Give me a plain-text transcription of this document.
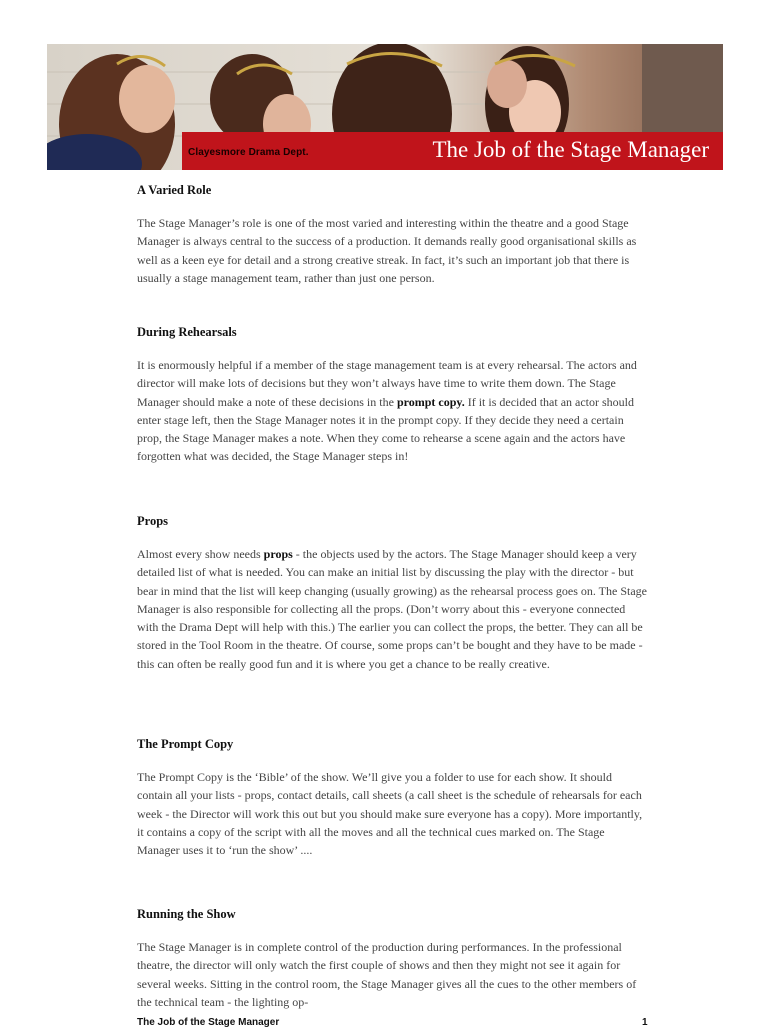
Clayesmore Drama Dept.	The Job of the Stage Manager

A Varied Role

The Stage Manager’s role is one of the most varied and interesting within the theatre and a good Stage Manager is always central to the success of a production. It demands really good organisational skills as well as a keen eye for detail and a strong creative streak. In fact, it’s such an important job that there is usually a stage management team, rather than just one person.

During Rehearsals

It is enormously helpful if a member of the stage management team is at every rehearsal. The actors and director will make lots of decisions but they won’t always have time to write them down. The Stage Manager should make a note of these decisions in the prompt copy. If it is decided that an actor should enter stage left, then the Stage Manager notes it in the prompt copy. If they decide they need a certain prop, the Stage Manager makes a note. When they come to rehearse a scene again and the actors have forgotten what was decided, the Stage Manager steps in!

Props

Almost every show needs props - the objects used by the actors. The Stage Manager should keep a very detailed list of what is needed. You can make an initial list by discussing the play with the director - but bear in mind that the list will keep changing (usually growing) as the rehearsal process goes on. The Stage Manager is also responsible for collecting all the props. (Don’t worry about this - everyone connected with the Drama Dept will help with this.) The earlier you can collect the props, the better. They can all be stored in the Tool Room in the theatre. Of course, some props can’t be bought and they have to be made - this can often be really good fun and it is where you get a chance to be really creative.

The Prompt Copy

The Prompt Copy is the ‘Bible’ of the show. We’ll give you a folder to use for each show. It should contain all your lists - props, contact details, call sheets (a call sheet is the schedule of rehearsals for each week - the Director will work this out but you should make sure everyone has a copy). More importantly, it contains a copy of the script with all the moves and all the technical cues marked on. The Stage Manager uses it to ‘run the show’ ....

Running the Show

The Stage Manager is in complete control of the production during performances. In the professional theatre, the director will only watch the first couple of shows and then they might not see it again for several weeks. Sitting in the control room, the Stage Manager gives all the cues to the other members of the technical team - the lighting op-

The Job of the Stage Manager	1
